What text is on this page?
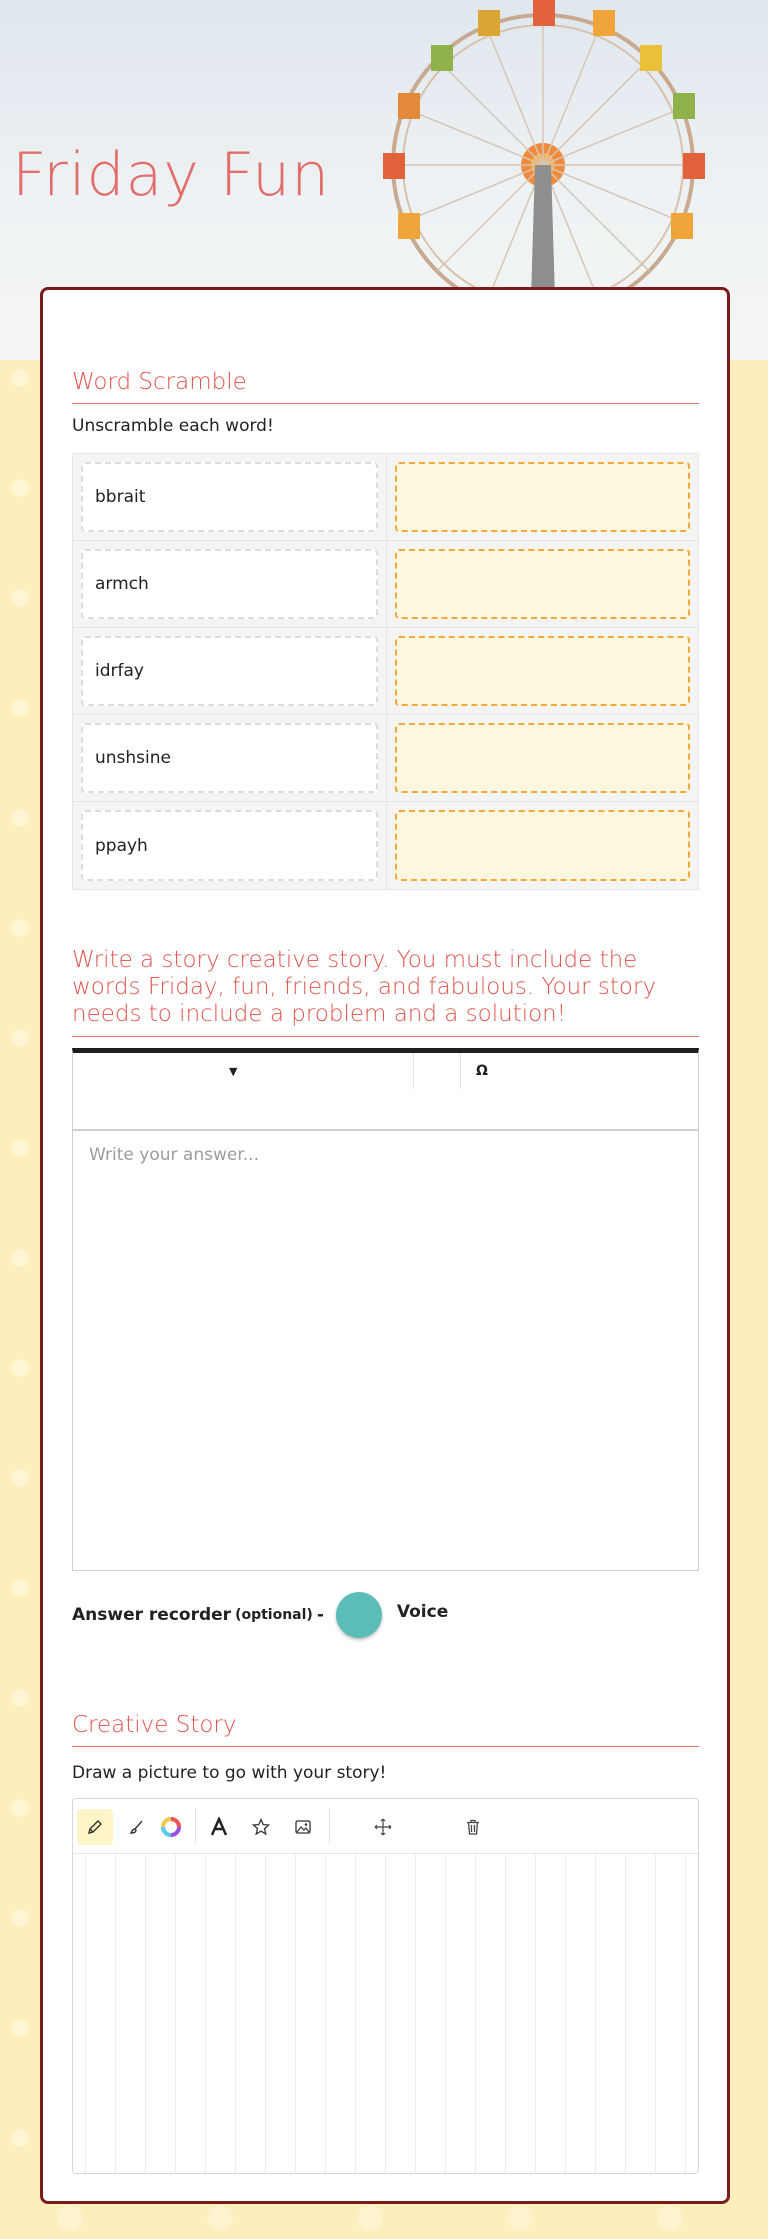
Friday Fun
Word Scramble
Unscramble each word!
bbrait
armch
idrfay
unshsine
ppayh
Write a story creative story. You must include the words Friday, fun, friends, and fabulous. Your story needs to include a problem and a solution!
▼	Ω
Write your answer...
Answer recorder (optional) -	Voice
Creative Story
Draw a picture to go with your story!
